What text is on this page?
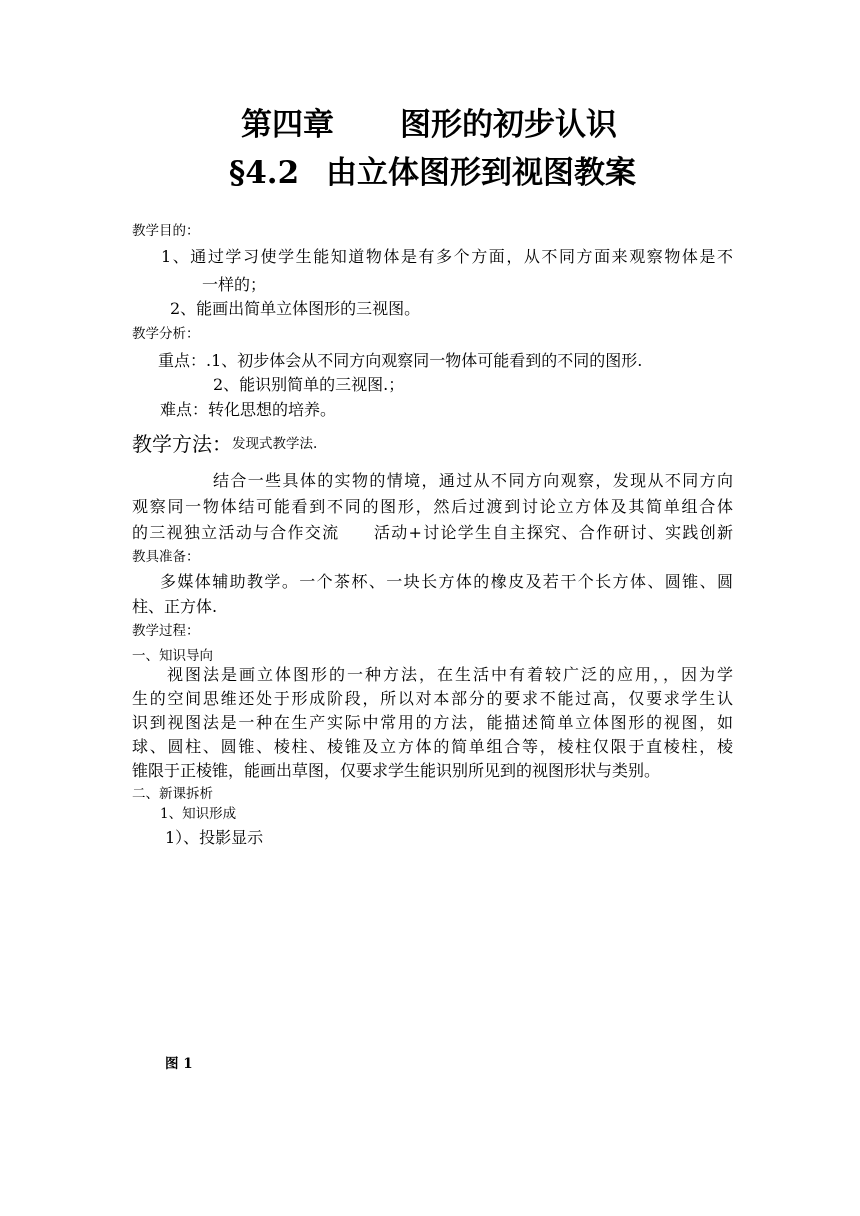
第四章 图形的初步认识
§4.2 由立体图形到视图教案
教学目的：
1、通过学习使学生能知道物体是有多个方面，从不同方面来观察物体是不
一样的；
2、能画出简单立体图形的三视图。
教学分析：
重点：.1、初步体会从不同方向观察同一物体可能看到的不同的图形.
2、能识别简单的三视图.；
难点：转化思想的培养。
教学方法： 发现式教学法.
结合一些具体的实物的情境，通过从不同方向观察，发现从不同方向
观察同一物体结可能看到不同的图形，然后过渡到讨论立方体及其简单组合体
的三视独立活动与合作交流　　活动+讨论学生自主探究、合作研讨、实践创新
教具准备：
多媒体辅助教学。一个茶杯、一块长方体的橡皮及若干个长方体、圆锥、圆
柱、正方体.
教学过程：
一、知识导向
视图法是画立体图形的一种方法，在生活中有着较广泛的应用，，因为学
生的空间思维还处于形成阶段，所以对本部分的要求不能过高，仅要求学生认
识到视图法是一种在生产实际中常用的方法，能描述简单立体图形的视图，如
球、圆柱、圆锥、棱柱、棱锥及立方体的简单组合等，棱柱仅限于直棱柱，棱
锥限于正棱锥，能画出草图，仅要求学生能识别所见到的视图形状与类别。
二、新课拆析
1、知识形成
1）、投影显示
图 1
